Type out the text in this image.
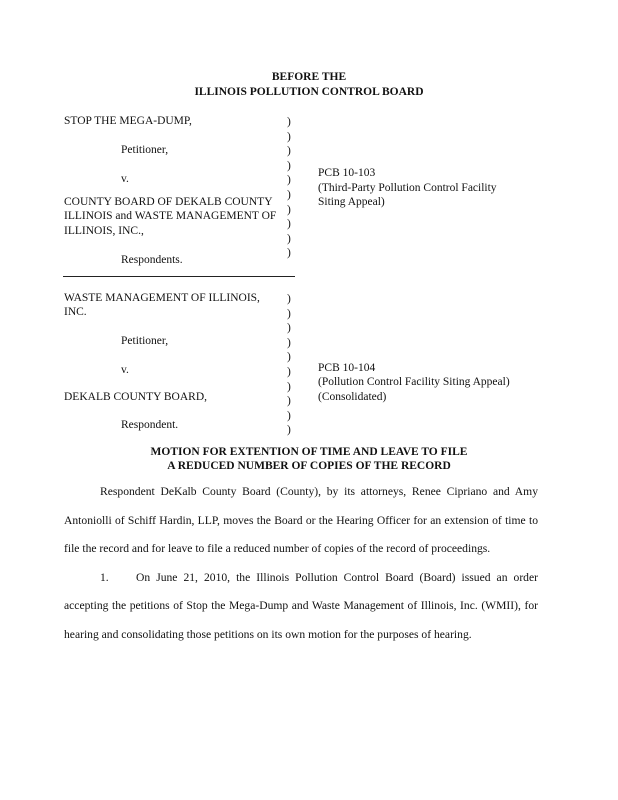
BEFORE THE
ILLINOIS POLLUTION CONTROL BOARD
STOP THE MEGA-DUMP,
Petitioner,
v.
COUNTY BOARD OF DEKALB COUNTY
ILLINOIS and WASTE MANAGEMENT OF
ILLINOIS, INC.,
Respondents.
)
)
)
)
)
)
)
)
)
)
PCB 10-103
(Third-Party Pollution Control Facility
Siting Appeal)
WASTE MANAGEMENT OF ILLINOIS,
INC.
Petitioner,
v.
DEKALB COUNTY BOARD,
Respondent.
)
)
)
)
)
)
)
)
)
)
PCB 10-104
(Pollution Control Facility Siting Appeal)
(Consolidated)
MOTION FOR EXTENTION OF TIME AND LEAVE TO FILE
A REDUCED NUMBER OF COPIES OF THE RECORD

Respondent DeKalb County Board (County), by its attorneys, Renee Cipriano and Amy Antoniolli of Schiff Hardin, LLP, moves the Board or the Hearing Officer for an extension of time to file the record and for leave to file a reduced number of copies of the record of proceedings.

1. On June 21, 2010, the Illinois Pollution Control Board (Board) issued an order accepting the petitions of Stop the Mega-Dump and Waste Management of Illinois, Inc. (WMII), for hearing and consolidating those petitions on its own motion for the purposes of hearing.
